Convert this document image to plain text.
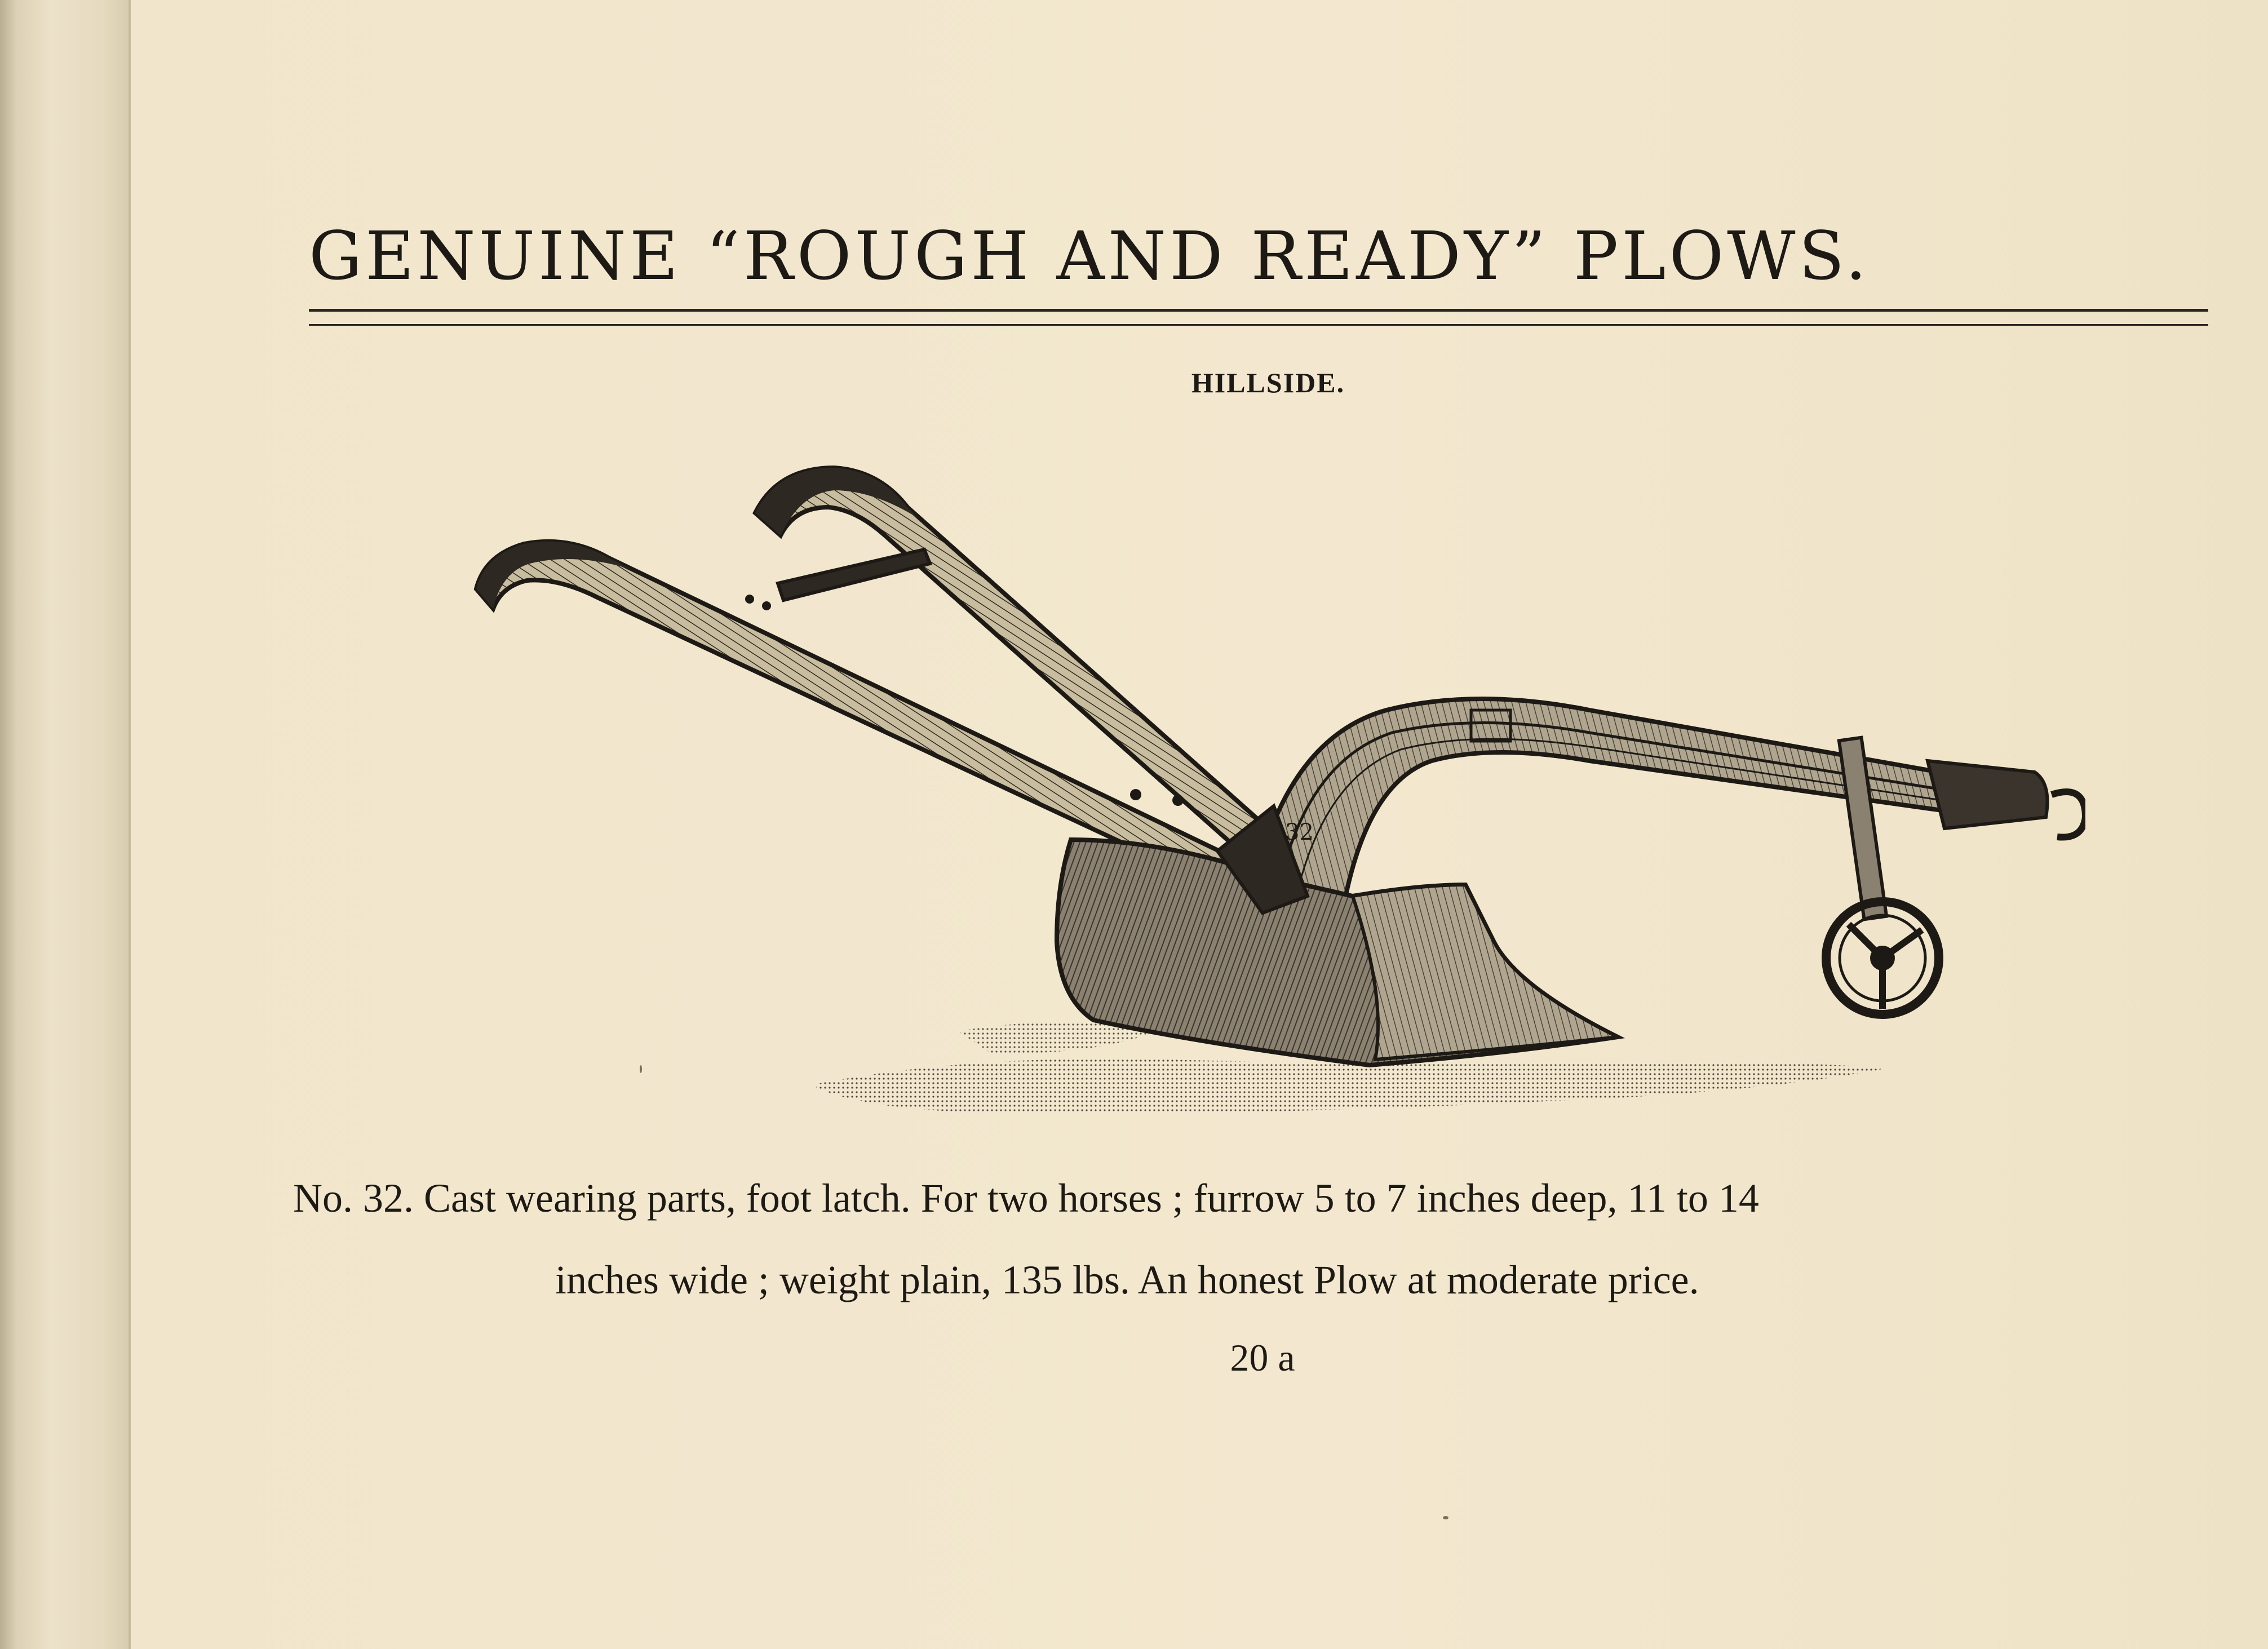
GENUINE “ROUGH AND READY” PLOWS.
HILLSIDE.
32
No. 32. Cast wearing parts, foot latch. For two horses ; furrow 5 to 7 inches deep, 11 to 14
inches wide ; weight plain, 135 lbs. An honest Plow at moderate price.
20 a
